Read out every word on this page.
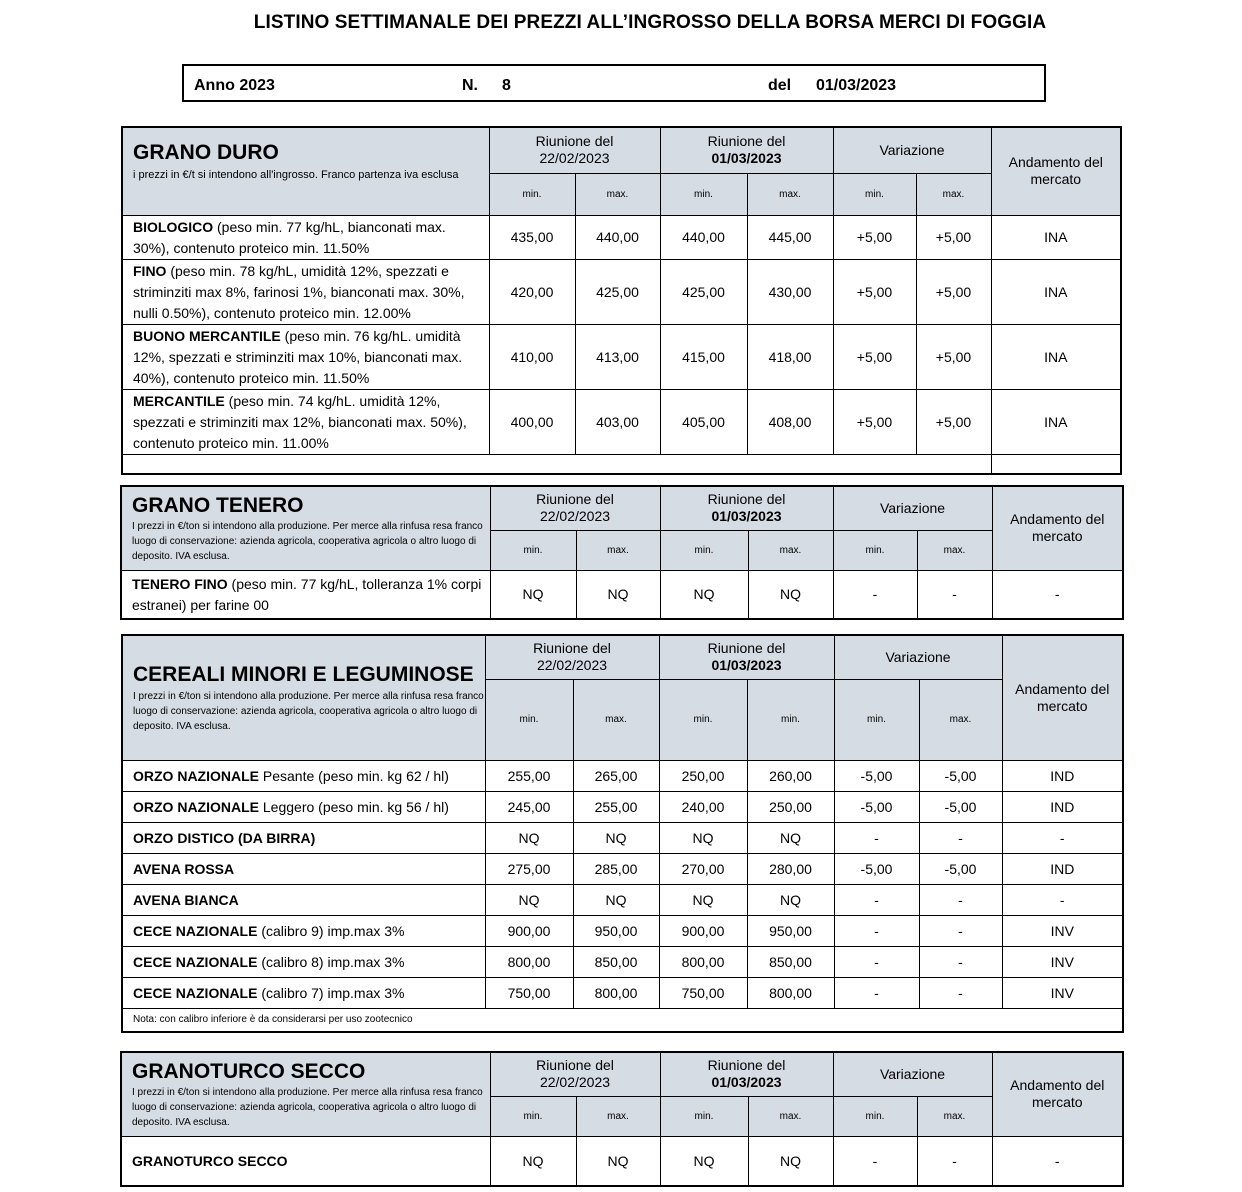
LISTINO SETTIMANALE DEI PREZZI ALL’INGROSSO DELLA BORSA MERCI DI FOGGIA
Anno 2023	N. 8	del 01/03/2023
GRANO DURO
i prezzi in €/t si intendono all'ingrosso. Franco partenza iva esclusa	Riunione del
22/02/2023		Riunione del
01/03/2023		Variazione		Andamento del mercato
	min.	max.	min.	max.	min.	max.	
BIOLOGICO (peso min. 77 kg/hL, bianconati max. 30%), contenuto proteico min. 11.50%	435,00	440,00	440,00	445,00	+5,00	+5,00	INA
FINO (peso min. 78 kg/hL, umidità 12%, spezzati e striminziti max 8%, farinosi 1%, bianconati max. 30%, nulli 0.50%), contenuto proteico min. 12.00%	420,00	425,00	425,00	430,00	+5,00	+5,00	INA
BUONO MERCANTILE (peso min. 76 kg/hL. umidità 12%, spezzati e striminziti max 10%, bianconati max. 40%), contenuto proteico min. 11.50%	410,00	413,00	415,00	418,00	+5,00	+5,00	INA
MERCANTILE (peso min. 74 kg/hL. umidità 12%, spezzati e striminziti max 12%, bianconati max. 50%), contenuto proteico min. 11.00%	400,00	403,00	405,00	408,00	+5,00	+5,00	INA

GRANO TENERO
I prezzi in €/ton si intendono alla produzione. Per merce alla rinfusa resa franco luogo di conservazione: azienda agricola, cooperativa agricola o altro luogo di deposito. IVA esclusa.	Riunione del
22/02/2023		Riunione del
01/03/2023		Variazione		Andamento del mercato
	min.	max.	min.	max.	min.	max.	
TENERO FINO (peso min. 77 kg/hL, tolleranza 1% corpi estranei) per farine 00	NQ	NQ	NQ	NQ	-	-	-
CEREALI MINORI E LEGUMINOSE
I prezzi in €/ton si intendono alla produzione. Per merce alla rinfusa resa franco luogo di conservazione: azienda agricola, cooperativa agricola o altro luogo di deposito. IVA esclusa.	Riunione del
22/02/2023		Riunione del
01/03/2023		Variazione		Andamento del mercato
	min.	max.	min.	min.	min.	max.	
ORZO NAZIONALE Pesante (peso min. kg 62 / hl)	255,00	265,00	250,00	260,00	-5,00	-5,00	IND
ORZO NAZIONALE Leggero (peso min. kg 56 / hl)	245,00	255,00	240,00	250,00	-5,00	-5,00	IND
ORZO DISTICO (DA BIRRA)	NQ	NQ	NQ	NQ	-	-	-
AVENA ROSSA	275,00	285,00	270,00	280,00	-5,00	-5,00	IND
AVENA BIANCA	NQ	NQ	NQ	NQ	-	-	-
CECE NAZIONALE (calibro 9) imp.max 3%	900,00	950,00	900,00	950,00	-	-	INV
CECE NAZIONALE (calibro 8) imp.max 3%	800,00	850,00	800,00	850,00	-	-	INV
CECE NAZIONALE (calibro 7) imp.max 3%	750,00	800,00	750,00	800,00	-	-	INV
Nota: con calibro inferiore è da considerarsi per uso zootecnico							
GRANOTURCO SECCO
I prezzi in €/ton si intendono alla produzione. Per merce alla rinfusa resa franco luogo di conservazione: azienda agricola, cooperativa agricola o altro luogo di deposito. IVA esclusa.	Riunione del
22/02/2023		Riunione del
01/03/2023		Variazione		Andamento del mercato
	min.	max.	min.	max.	min.	max.	
GRANOTURCO SECCO	NQ	NQ	NQ	NQ	-	-	-
